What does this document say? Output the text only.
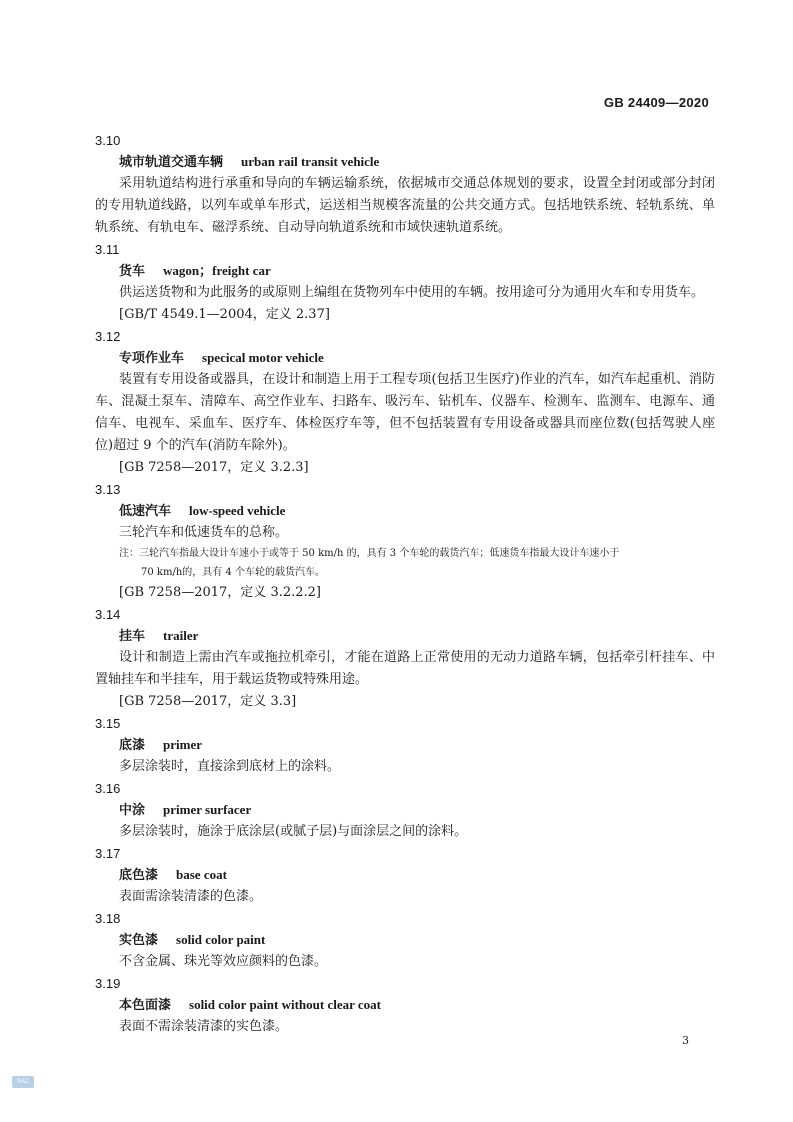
GB 24409—2020
3.10
城市轨道交通车辆 urban rail transit vehicle
采用轨道结构进行承重和导向的车辆运输系统，依据城市交通总体规划的要求，设置全封闭或部分封闭的专用轨道线路，以列车或单车形式，运送相当规模客流量的公共交通方式。包括地铁系统、轻轨系统、单轨系统、有轨电车、磁浮系统、自动导向轨道系统和市域快速轨道系统。
3.11
货车 wagon；freight car
供运送货物和为此服务的或原则上编组在货物列车中使用的车辆。按用途可分为通用火车和专用货车。
[GB/T 4549.1—2004，定义 2.37]
3.12
专项作业车 specical motor vehicle
装置有专用设备或器具，在设计和制造上用于工程专项(包括卫生医疗)作业的汽车，如汽车起重机、消防车、混凝土泵车、清障车、高空作业车、扫路车、吸污车、钻机车、仪器车、检测车、监测车、电源车、通信车、电视车、采血车、医疗车、体检医疗车等，但不包括装置有专用设备或器具而座位数(包括驾驶人座位)超过 9 个的汽车(消防车除外)。
[GB 7258—2017，定义 3.2.3]
3.13
低速汽车 low-speed vehicle
三轮汽车和低速货车的总称。
注：三轮汽车指最大设计车速小于或等于 50 km/h 的，具有 3 个车轮的载货汽车；低速货车指最大设计车速小于
70 km/h的，具有 4 个车轮的载货汽车。
[GB 7258—2017，定义 3.2.2.2]
3.14
挂车 trailer
设计和制造上需由汽车或拖拉机牵引，才能在道路上正常使用的无动力道路车辆，包括牵引杆挂车、中置轴挂车和半挂车，用于载运货物或特殊用途。
[GB 7258—2017，定义 3.3]
3.15
底漆 primer
多层涂装时，直接涂到底材上的涂料。
3.16
中涂 primer surfacer
多层涂装时，施涂于底涂层(或腻子层)与面涂层之间的涂料。
3.17
底色漆 base coat
表面需涂装清漆的色漆。
3.18
实色漆 solid color paint
不含金属、珠光等效应颜料的色漆。
3.19
本色面漆 solid color paint without clear coat
表面不需涂装清漆的实色漆。
3
SAC
